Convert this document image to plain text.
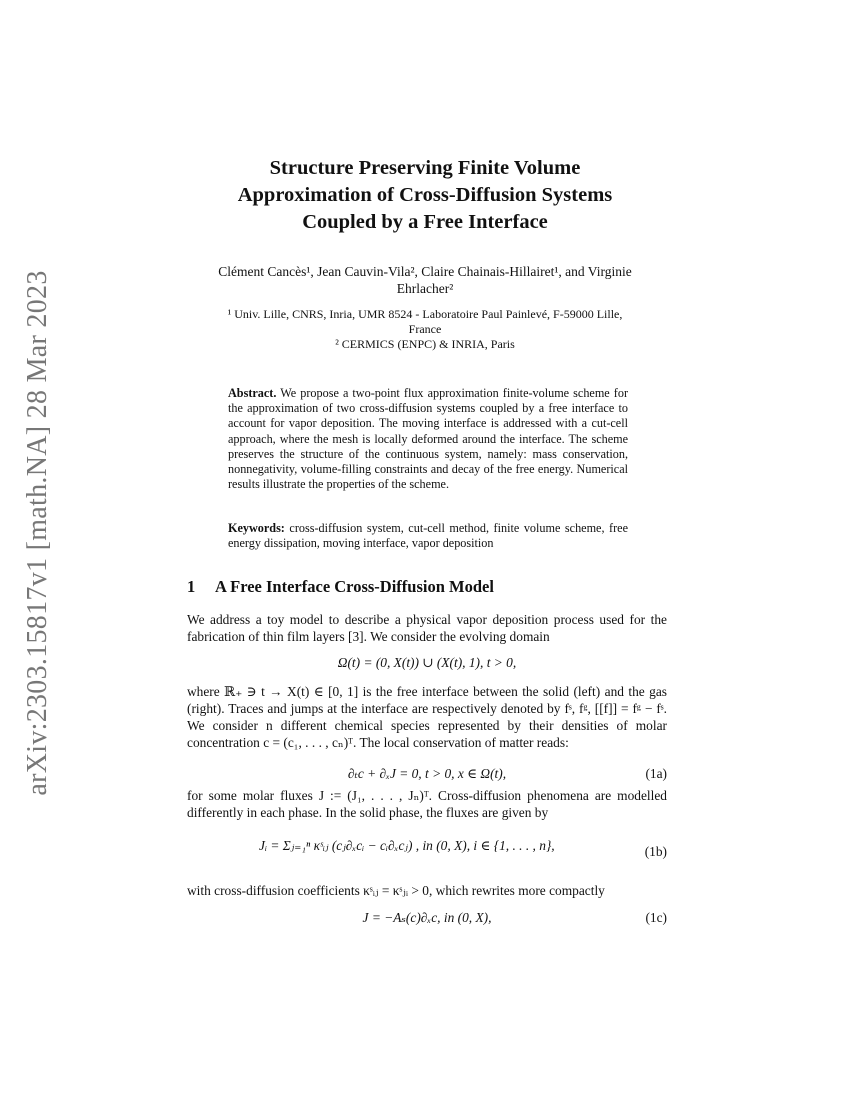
arXiv:2303.15817v1 [math.NA] 28 Mar 2023
Structure Preserving Finite Volume
Approximation of Cross-Diffusion Systems
Coupled by a Free Interface
Clément Cancès¹, Jean Cauvin-Vila², Claire Chainais-Hillairet¹, and Virginie
Ehrlacher²
¹ Univ. Lille, CNRS, Inria, UMR 8524 - Laboratoire Paul Painlevé, F-59000 Lille,
France
² CERMICS (ENPC) & INRIA, Paris
Abstract. We propose a two-point flux approximation finite-volume scheme for the approximation of two cross-diffusion systems coupled by a free interface to account for vapor deposition. The moving interface is addressed with a cut-cell approach, where the mesh is locally deformed around the interface. The scheme preserves the structure of the continuous system, namely: mass conservation, nonnegativity, volume-filling constraints and decay of the free energy. Numerical results illustrate the properties of the scheme.
Keywords: cross-diffusion system, cut-cell method, finite volume scheme, free energy dissipation, moving interface, vapor deposition
1 A Free Interface Cross-Diffusion Model
We address a toy model to describe a physical vapor deposition process used for the fabrication of thin film layers [3]. We consider the evolving domain
Ω(t) = (0, X(t)) ∪ (X(t), 1), t > 0,
where ℝ₊ ∋ t → X(t) ∈ [0, 1] is the free interface between the solid (left) and the gas (right). Traces and jumps at the interface are respectively denoted by fˢ, fᵍ, [[f]] = fᵍ − fˢ. We consider n different chemical species represented by their densities of molar concentration c = (c₁, . . . , cₙ)ᵀ. The local conservation of matter reads:
∂ₜc + ∂ₓJ = 0, t > 0, x ∈ Ω(t),	(1a)
for some molar fluxes J := (J₁, . . . , Jₙ)ᵀ. Cross-diffusion phenomena are modelled differently in each phase. In the solid phase, the fluxes are given by
Jᵢ = Σⱼ₌₁ⁿ κˢᵢⱼ (cⱼ∂ₓcᵢ − cᵢ∂ₓcⱼ) , in (0, X), i ∈ {1, . . . , n},	(1b)
with cross-diffusion coefficients κˢᵢⱼ = κˢⱼᵢ > 0, which rewrites more compactly
J = −Aₛ(c)∂ₓc, in (0, X),	(1c)
